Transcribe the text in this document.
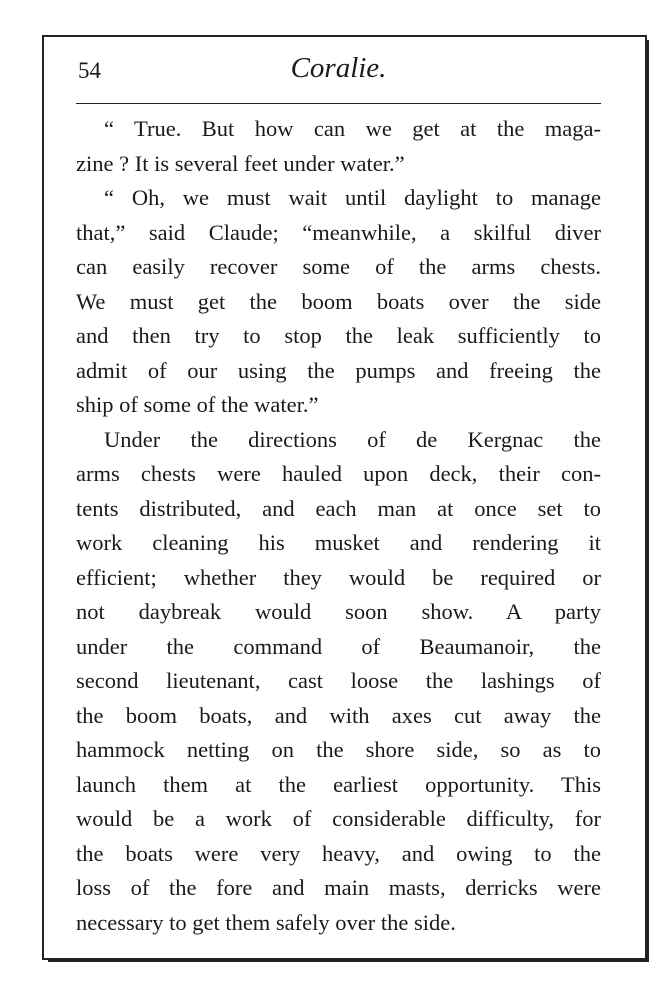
54	Coralie.
“ True. But how can we get at the maga-
zine ? It is several feet under water.”
“ Oh, we must wait until daylight to manage
that,” said Claude; “meanwhile, a skilful diver
can easily recover some of the arms chests.
We must get the boom boats over the side
and then try to stop the leak sufficiently to
admit of our using the pumps and freeing the
ship of some of the water.”
Under the directions of de Kergnac the
arms chests were hauled upon deck, their con-
tents distributed, and each man at once set to
work cleaning his musket and rendering it
efficient; whether they would be required or
not daybreak would soon show. A party
under the command of Beaumanoir, the
second lieutenant, cast loose the lashings of
the boom boats, and with axes cut away the
hammock netting on the shore side, so as to
launch them at the earliest opportunity. This
would be a work of considerable difficulty, for
the boats were very heavy, and owing to the
loss of the fore and main masts, derricks were
necessary to get them safely over the side.
